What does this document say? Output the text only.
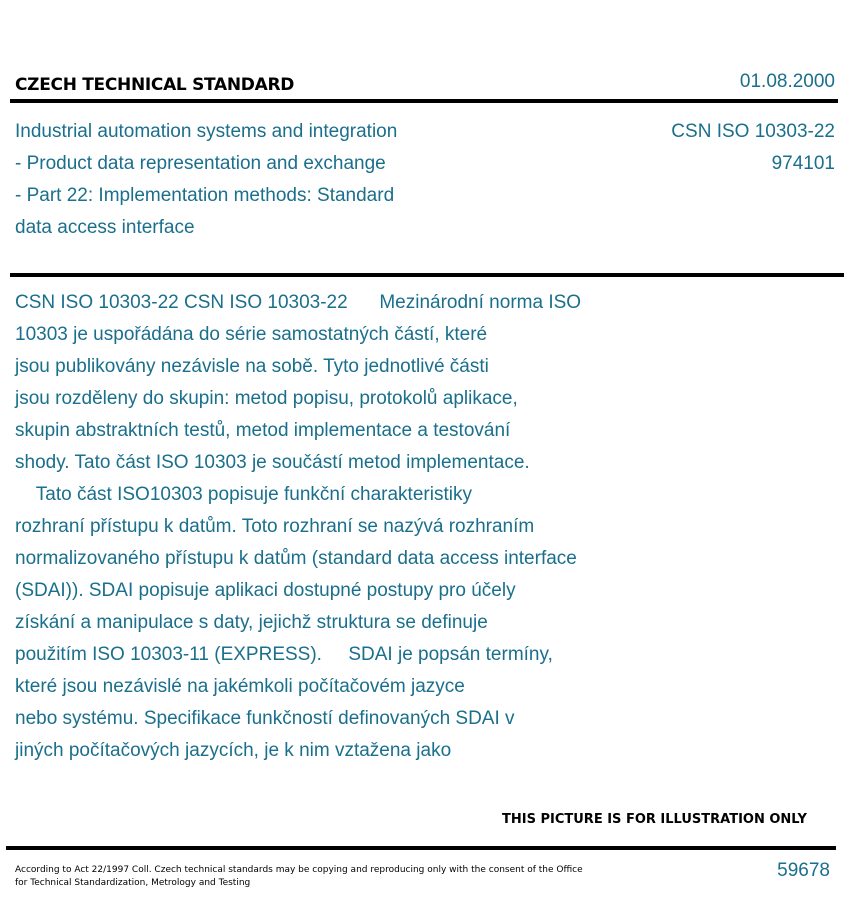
CZECH TECHNICAL STANDARD	01.08.2000
Industrial automation systems and integration
- Product data representation and exchange
- Part 22: Implementation methods: Standard
data access interface
CSN ISO 10303-22
974101
CSN ISO 10303-22 CSN ISO 10303-22      Mezinárodní norma ISO
10303 je uspořádána do série samostatných částí, které
jsou publikovány nezávisle na sobě. Tyto jednotlivé části
jsou rozděleny do skupin: metod popisu, protokolů aplikace,
skupin abstraktních testů, metod implementace a testování
shody. Tato část ISO 10303 je součástí metod implementace.
Tato část ISO10303 popisuje funkční charakteristiky
rozhraní přístupu k datům. Toto rozhraní se nazývá rozhraním
normalizovaného přístupu k datům (standard data access interface
(SDAI)). SDAI popisuje aplikaci dostupné postupy pro účely
získání a manipulace s daty, jejichž struktura se definuje
použitím ISO 10303-11 (EXPRESS).     SDAI je popsán termíny,
které jsou nezávislé na jakémkoli počítačovém jazyce
nebo systému. Specifikace funkčností definovaných SDAI v
jiných počítačových jazycích, je k nim vztažena jako
THIS PICTURE IS FOR ILLUSTRATION ONLY
According to Act 22/1997 Coll. Czech technical standards may be copying and reproducing only with the consent of the Office
for Technical Standardization, Metrology and Testing
59678
